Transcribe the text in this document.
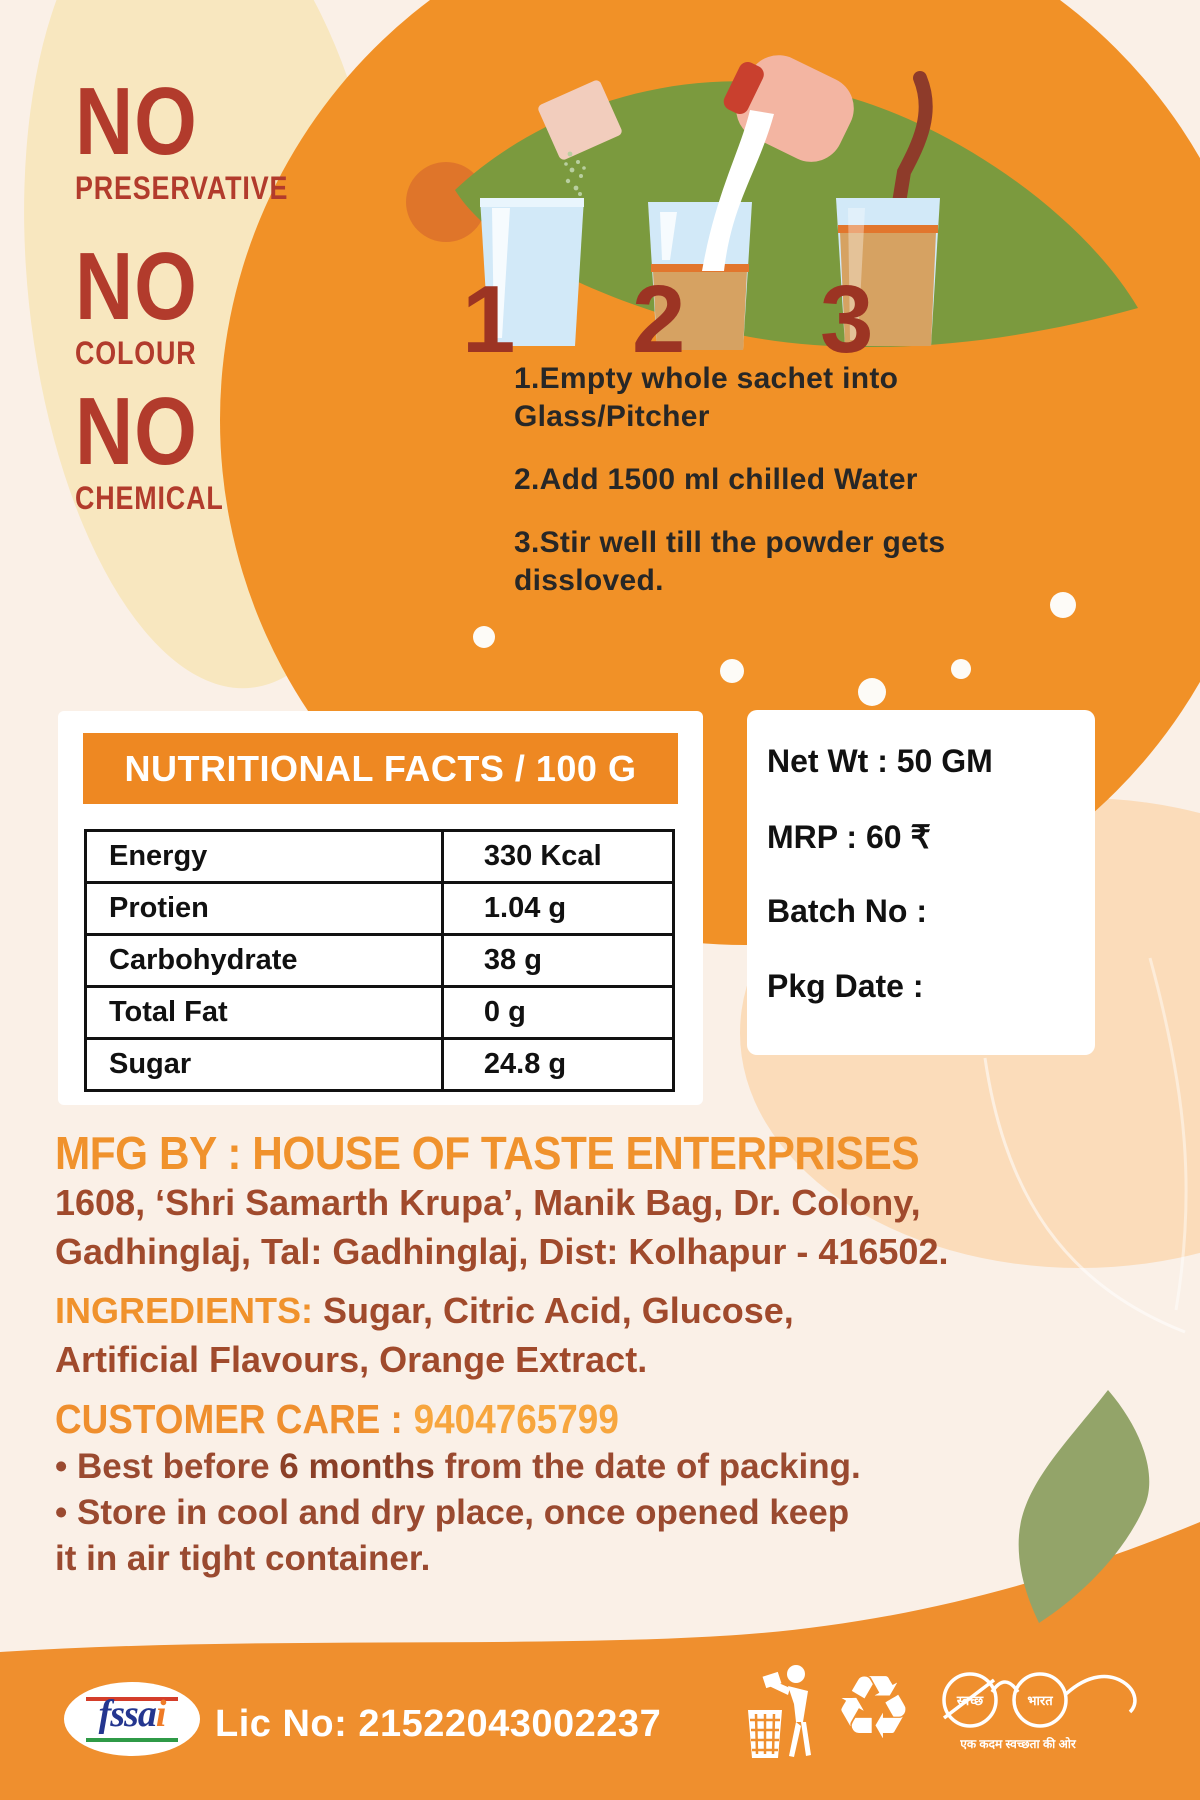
NO
PRESERVATIVE
NO
COLOUR
NO
CHEMICAL
1 2 3

1.Empty whole sachet into Glass/Pitcher

2.Add 1500 ml chilled Water

3.Stir well till the powder gets dissloved.

NUTRITIONAL FACTS / 100 G
Energy	330 Kcal
Protien	1.04 g
Carbohydrate	38 g
Total Fat	0 g
Sugar	24.8 g

Net Wt : 50 GM

MRP : 60 ₹

Batch No :

Pkg Date :

MFG BY : HOUSE OF TASTE ENTERPRISES
1608, ‘Shri Samarth Krupa’, Manik Bag, Dr. Colony,
Gadhinglaj, Tal: Gadhinglaj, Dist: Kolhapur - 416502.
INGREDIENTS: Sugar, Citric Acid, Glucose, Artificial Flavours, Orange Extract.
CUSTOMER CARE : 9404765799

• Best before 6 months from the date of packing.

• Store in cool and dry place, once opened keep

it in air tight container.

fssai	Lic No: 21522043002237 ♻	स्वच्छ	भारत
एक कदम स्वच्छता की ओर
